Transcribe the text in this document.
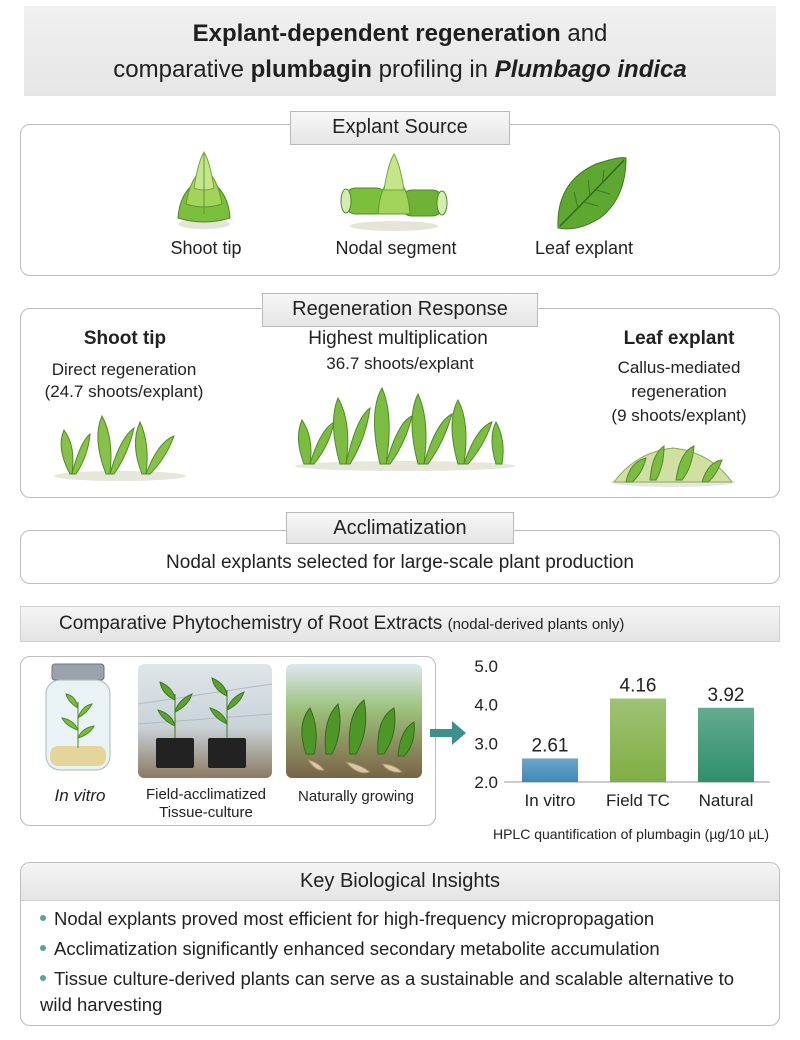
Explant-dependent regeneration and
comparative plumbagin profiling in Plumbago indica
Explant Source
Shoot tip	Nodal segment	Leaf explant
Regeneration Response
Shoot tip
Direct regeneration
(24.7 shoots/explant)
Highest multiplication
36.7 shoots/explant
Leaf explant
Callus-mediated
regeneration
(9 shoots/explant)
Acclimatization
Nodal explants selected for large-scale plant production
Comparative Phytochemistry of Root Extracts (nodal-derived plants only)
In vitro	Field-acclimatized
Tissue-culture
Naturally growing
5.0
4.0
3.0
2.0
2.61
In vitro
4.16
Field TC
3.92
Natural
HPLC quantification of plumbagin (µg/10 µL)
Key Biological Insights
Nodal explants proved most efficient for high-frequency micropropagation
Acclimatization significantly enhanced secondary metabolite accumulation
Tissue culture-derived plants can serve as a sustainable and scalable alternative to
wild harvesting
